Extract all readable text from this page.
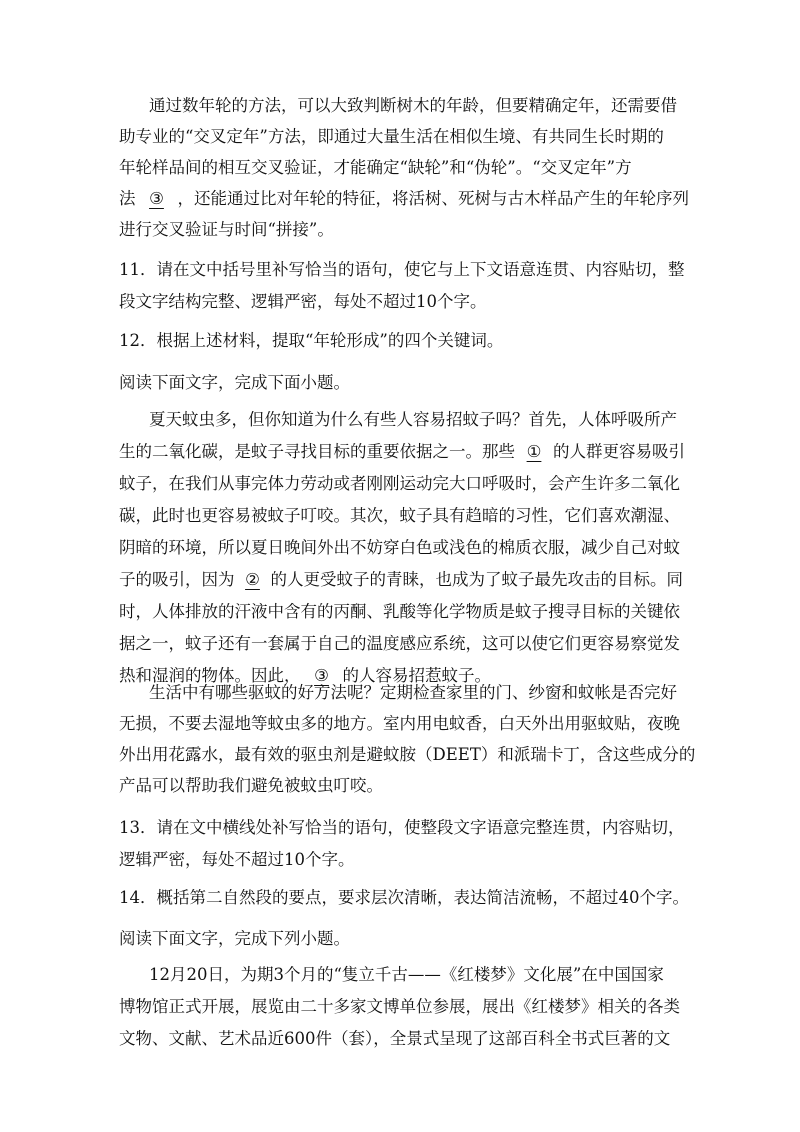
通过数年轮的方法，可以大致判断树木的年龄，但要精确定年，还需要借
助专业的“交叉定年”方法，即通过大量生活在相似生境、有共同生长时期的
年轮样品间的相互交叉验证，才能确定“缺轮”和“伪轮”。“交叉定年”方
法 ③ ，还能通过比对年轮的特征，将活树、死树与古木样品产生的年轮序列
进行交叉验证与时间“拼接”。
11．请在文中括号里补写恰当的语句，使它与上下文语意连贯、内容贴切，整
段文字结构完整、逻辑严密，每处不超过10个字。
12．根据上述材料，提取“年轮形成”的四个关键词。
阅读下面文字，完成下面小题。
夏天蚊虫多，但你知道为什么有些人容易招蚊子吗？首先，人体呼吸所产
生的二氧化碳，是蚊子寻找目标的重要依据之一。那些 ① 的人群更容易吸引
蚊子，在我们从事完体力劳动或者刚刚运动完大口呼吸时，会产生许多二氧化
碳，此时也更容易被蚊子叮咬。其次，蚊子具有趋暗的习性，它们喜欢潮湿、
阴暗的环境，所以夏日晚间外出不妨穿白色或浅色的棉质衣服，减少自己对蚊
子的吸引，因为 ② 的人更受蚊子的青睐，也成为了蚊子最先攻击的目标。同
时，人体排放的汗液中含有的丙酮、乳酸等化学物质是蚊子搜寻目标的关键依
据之一，蚊子还有一套属于自己的温度感应系统，这可以使它们更容易察觉发
热和湿润的物体。因此， ③ 的人容易招惹蚊子。
生活中有哪些驱蚊的好方法呢？定期检查家里的门、纱窗和蚊帐是否完好
无损，不要去湿地等蚊虫多的地方。室内用电蚊香，白天外出用驱蚊贴，夜晚
外出用花露水，最有效的驱虫剂是避蚊胺（DEET）和派瑞卡丁，含这些成分的
产品可以帮助我们避免被蚊虫叮咬。
13．请在文中横线处补写恰当的语句，使整段文字语意完整连贯，内容贴切，
逻辑严密，每处不超过10个字。
14．概括第二自然段的要点，要求层次清晰，表达简洁流畅，不超过40个字。
阅读下面文字，完成下列小题。
12月20日，为期3个月的“隻立千古——《红楼梦》文化展”在中国国家
博物馆正式开展，展览由二十多家文博单位参展，展出《红楼梦》相关的各类
文物、文献、艺术品近600件（套），全景式呈现了这部百科全书式巨著的文
